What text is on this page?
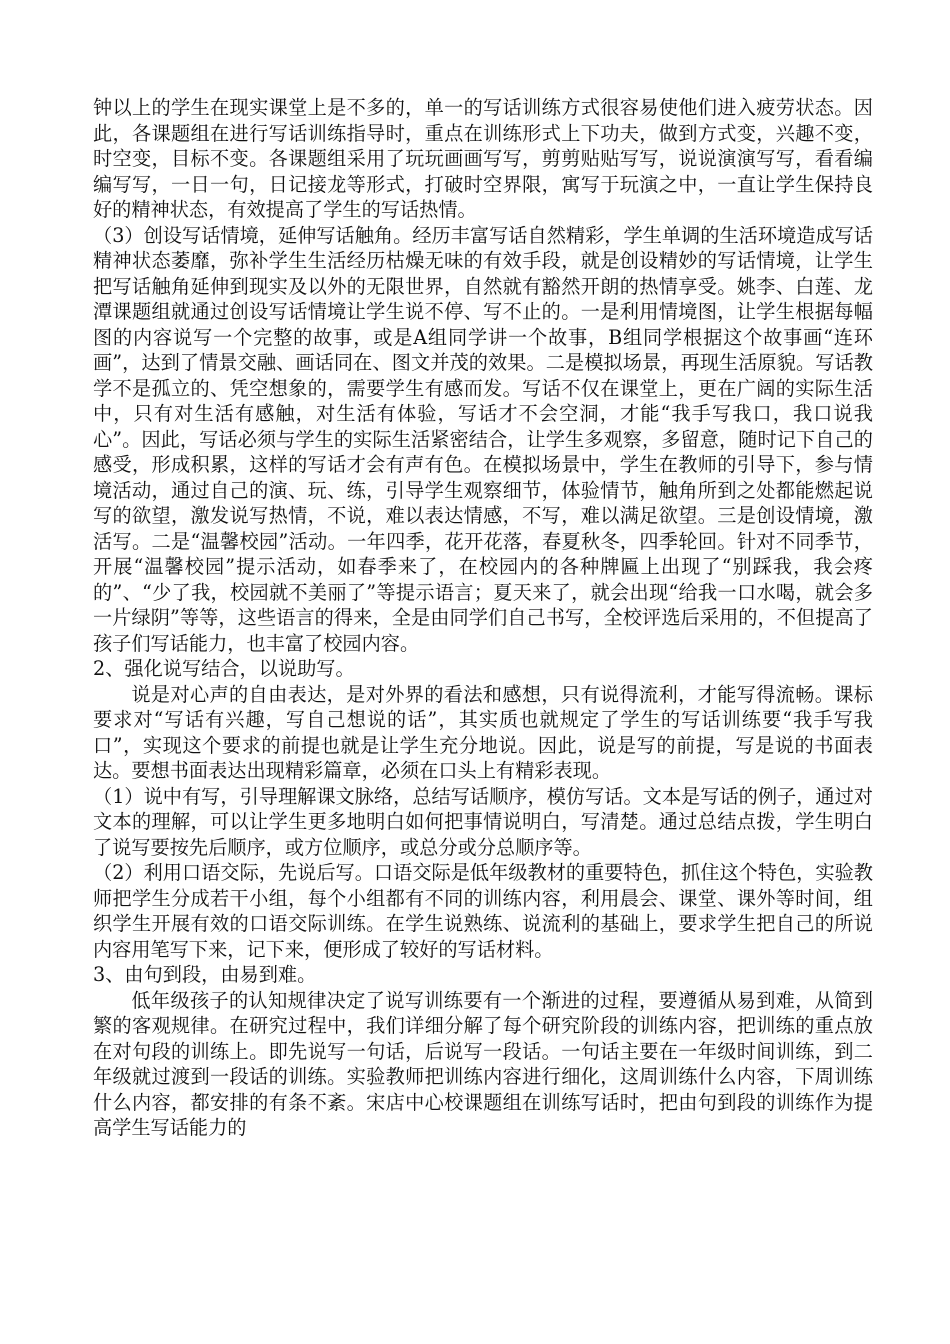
钟以上的学生在现实课堂上是不多的，单一的写话训练方式很容易使他们进入疲劳状态。因此，各课题组在进行写话训练指导时，重点在训练形式上下功夫，做到方式变，兴趣不变，时空变，目标不变。各课题组采用了玩玩画画写写，剪剪贴贴写写，说说演演写写，看看编编写写，一日一句，日记接龙等形式，打破时空界限，寓写于玩演之中，一直让学生保持良好的精神状态，有效提高了学生的写话热情。

（3）创设写话情境，延伸写话触角。经历丰富写话自然精彩，学生单调的生活环境造成写话精神状态萎靡，弥补学生生活经历枯燥无味的有效手段，就是创设精妙的写话情境，让学生把写话触角延伸到现实及以外的无限世界，自然就有豁然开朗的热情享受。姚李、白莲、龙潭课题组就通过创设写话情境让学生说不停、写不止的。一是利用情境图，让学生根据每幅图的内容说写一个完整的故事，或是A组同学讲一个故事，B组同学根据这个故事画“连环画”，达到了情景交融、画话同在、图文并茂的效果。二是模拟场景，再现生活原貌。写话教学不是孤立的、凭空想象的，需要学生有感而发。写话不仅在课堂上，更在广阔的实际生活中，只有对生活有感触，对生活有体验，写话才不会空洞，才能“我手写我口，我口说我心”。因此，写话必须与学生的实际生活紧密结合，让学生多观察，多留意，随时记下自己的感受，形成积累，这样的写话才会有声有色。在模拟场景中，学生在教师的引导下，参与情境活动，通过自己的演、玩、练，引导学生观察细节，体验情节，触角所到之处都能燃起说写的欲望，激发说写热情，不说，难以表达情感，不写，难以满足欲望。三是创设情境，激活写。二是“温馨校园”活动。一年四季，花开花落，春夏秋冬，四季轮回。针对不同季节，开展“温馨校园”提示活动，如春季来了，在校园内的各种牌匾上出现了“别踩我，我会疼的”、“少了我，校园就不美丽了”等提示语言；夏天来了，就会出现“给我一口水喝，就会多一片绿阴”等等，这些语言的得来，全是由同学们自己书写，全校评选后采用的，不但提高了孩子们写话能力，也丰富了校园内容。

2、强化说写结合，以说助写。

说是对心声的自由表达，是对外界的看法和感想，只有说得流利，才能写得流畅。课标要求对“写话有兴趣，写自己想说的话”，其实质也就规定了学生的写话训练要“我手写我口”，实现这个要求的前提也就是让学生充分地说。因此，说是写的前提，写是说的书面表达。要想书面表达出现精彩篇章，必须在口头上有精彩表现。

（1）说中有写，引导理解课文脉络，总结写话顺序，模仿写话。文本是写话的例子，通过对文本的理解，可以让学生更多地明白如何把事情说明白，写清楚。通过总结点拨，学生明白了说写要按先后顺序，或方位顺序，或总分或分总顺序等。

（2）利用口语交际，先说后写。口语交际是低年级教材的重要特色，抓住这个特色，实验教师把学生分成若干小组，每个小组都有不同的训练内容，利用晨会、课堂、课外等时间，组织学生开展有效的口语交际训练。在学生说熟练、说流利的基础上，要求学生把自己的所说内容用笔写下来，记下来，便形成了较好的写话材料。

3、由句到段，由易到难。

低年级孩子的认知规律决定了说写训练要有一个渐进的过程，要遵循从易到难，从简到繁的客观规律。在研究过程中，我们详细分解了每个研究阶段的训练内容，把训练的重点放在对句段的训练上。即先说写一句话，后说写一段话。一句话主要在一年级时间训练，到二年级就过渡到一段话的训练。实验教师把训练内容进行细化，这周训练什么内容，下周训练什么内容，都安排的有条不紊。宋店中心校课题组在训练写话时，把由句到段的训练作为提高学生写话能力的
